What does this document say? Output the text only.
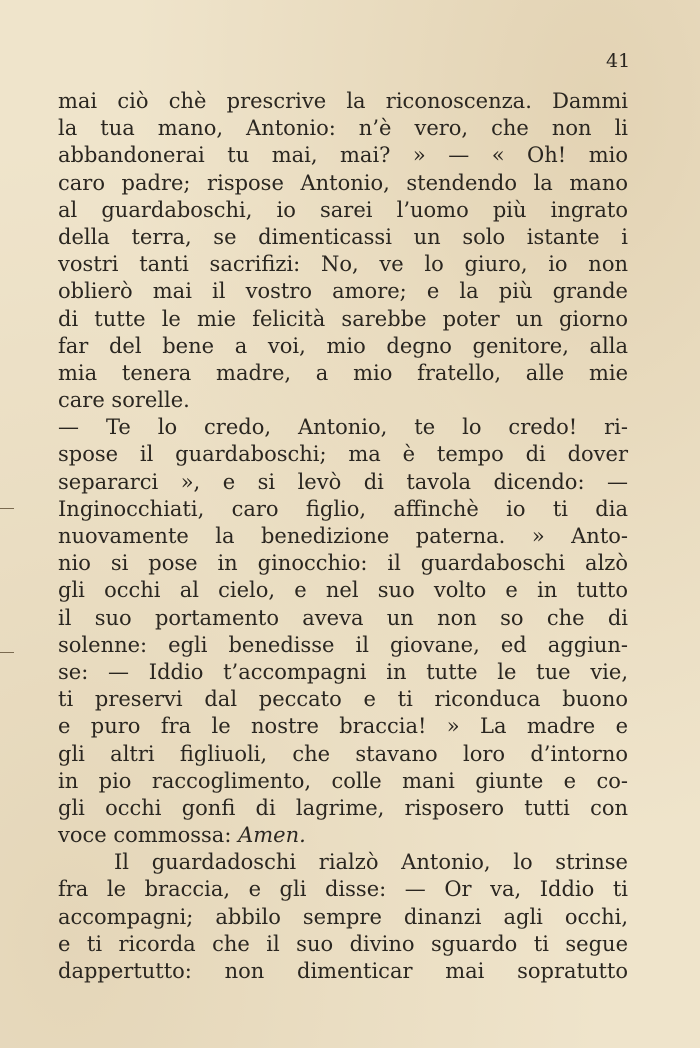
41
mai ciò chè prescrive la riconoscenza. Dammi
la tua mano, Antonio: n’è vero, che non li
abbandonerai tu mai, mai? » — « Oh! mio
caro padre; rispose Antonio, stendendo la mano
al guardaboschi, io sarei l’uomo più ingrato
della terra, se dimenticassi un solo istante i
vostri tanti sacrifizi: No, ve lo giuro, io non
oblierò mai il vostro amore; e la più grande
di tutte le mie felicità sarebbe poter un giorno
far del bene a voi, mio degno genitore, alla
mia tenera madre, a mio fratello, alle mie
care sorelle.
— Te lo credo, Antonio, te lo credo! ri-
spose il guardaboschi; ma è tempo di dover
separarci », e si levò di tavola dicendo: —
Inginocchiati, caro figlio, affinchè io ti dia
nuovamente la benedizione paterna. » Anto-
nio si pose in ginocchio: il guardaboschi alzò
gli occhi al cielo, e nel suo volto e in tutto
il suo portamento aveva un non so che di
solenne: egli benedisse il giovane, ed aggiun-
se: — Iddio t’accompagni in tutte le tue vie,
ti preservi dal peccato e ti riconduca buono
e puro fra le nostre braccia! » La madre e
gli altri figliuoli, che stavano loro d’intorno
in pio raccoglimento, colle mani giunte e co-
gli occhi gonfi di lagrime, risposero tutti con
voce commossa: Amen.
Il guardadoschi rialzò Antonio, lo strinse
fra le braccia, e gli disse: — Or va, Iddio ti
accompagni; abbilo sempre dinanzi agli occhi,
e ti ricorda che il suo divino sguardo ti segue
dappertutto: non dimenticar mai sopratutto
